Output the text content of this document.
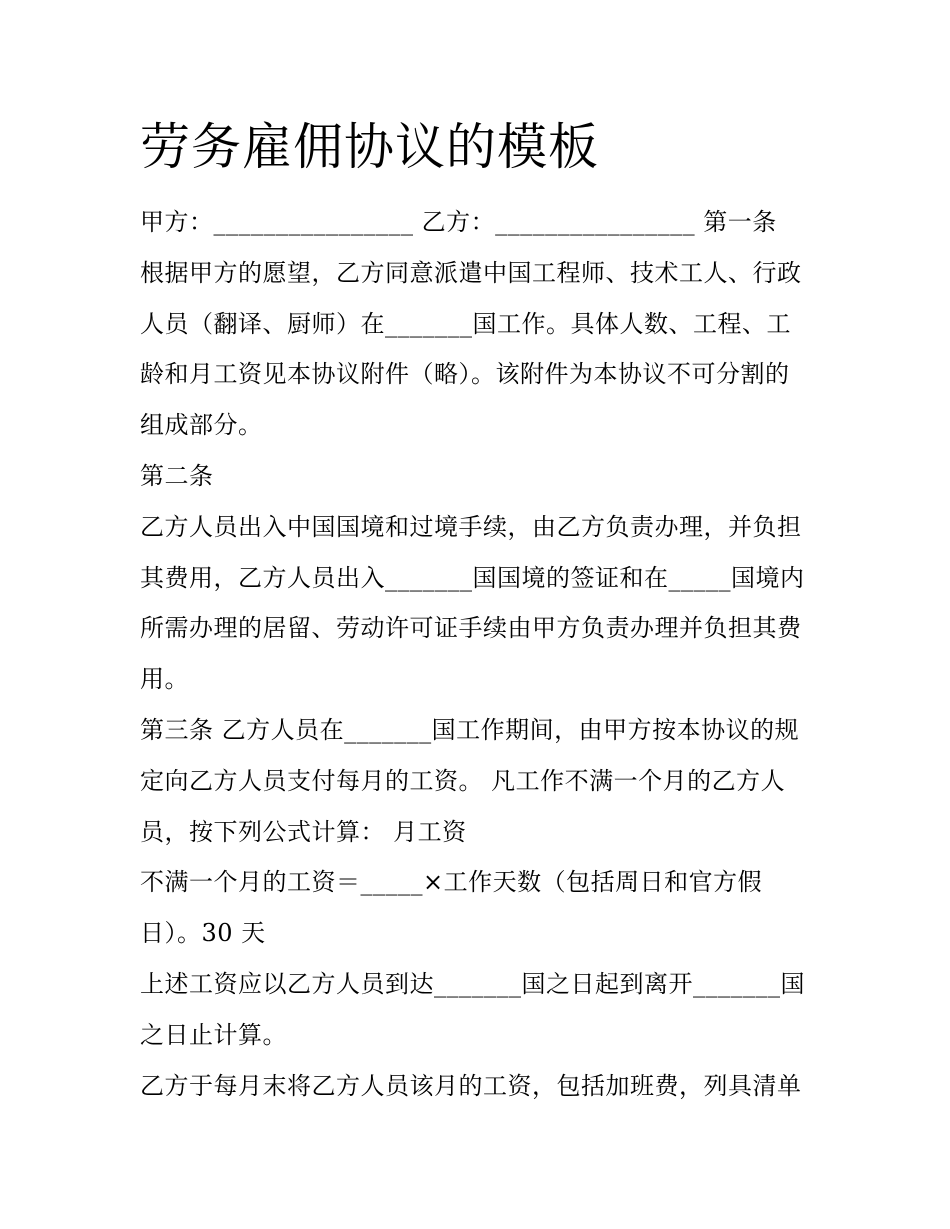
劳务雇佣协议的模板
甲方：________________ 乙方：________________ 第一条
根据甲方的愿望，乙方同意派遣中国工程师、技术工人、行政
人员（翻译、厨师）在_______国工作。具体人数、工程、工
龄和月工资见本协议附件（略）。该附件为本协议不可分割的
组成部分。
第二条
乙方人员出入中国国境和过境手续，由乙方负责办理，并负担
其费用，乙方人员出入_______国国境的签证和在_____国境内
所需办理的居留、劳动许可证手续由甲方负责办理并负担其费
用。
第三条 乙方人员在_______国工作期间，由甲方按本协议的规
定向乙方人员支付每月的工资。 凡工作不满一个月的乙方人
员，按下列公式计算： 月工资
不满一个月的工资＝_____×工作天数（包括周日和官方假
日）。30 天
上述工资应以乙方人员到达_______国之日起到离开_______国
之日止计算。
乙方于每月末将乙方人员该月的工资，包括加班费，列具清单
